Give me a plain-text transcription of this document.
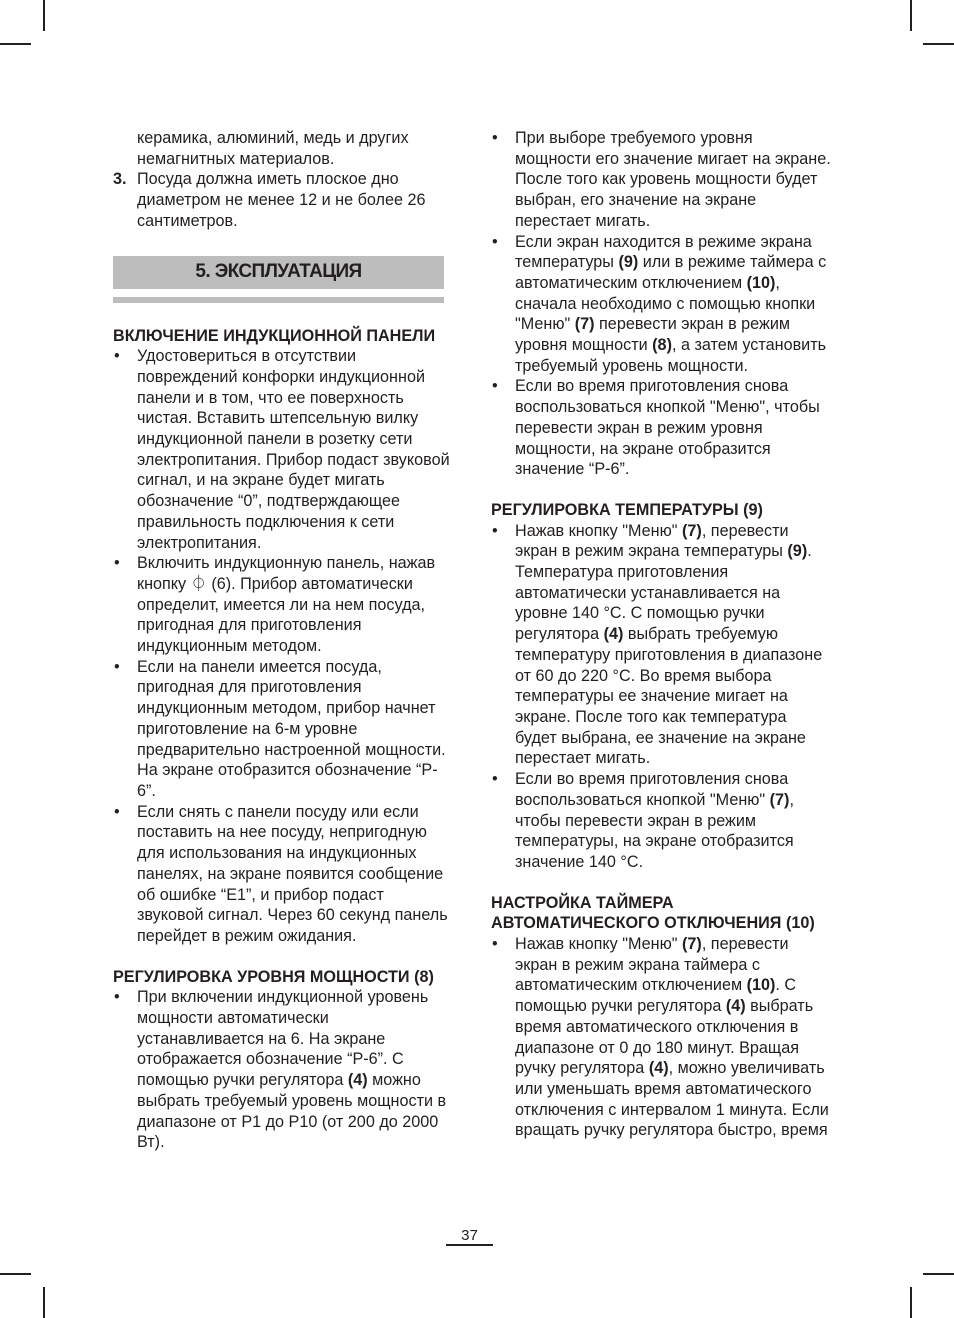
керамика, алюминий, медь и других немагнитных материалов.

3. Посуда должна иметь плоское дно диаметром не менее 12 и не более 26 сантиметров.
5. ЭКСПЛУАТАЦИЯ

ВКЛЮЧЕНИЕ ИНДУКЦИОННОЙ ПАНЕЛИ

• Удостовериться в отсутствии повреждений конфорки индукционной панели и в том, что ее поверхность чистая. Вставить штепсельную вилку индукционной панели в розетку сети электропитания. Прибор подаст звуковой сигнал, и на экране будет мигать обозначение “0”, подтверждающее правильность подключения к сети электропитания.
• Включить индукционную панель, нажав кнопку ⏀ (6). Прибор автоматически определит, имеется ли на нем посуда, пригодная для приготовления индукционным методом.
• Если на панели имеется посуда, пригодная для приготовления индукционным методом, прибор начнет приготовление на 6-м уровне предварительно настроенной мощности. На экране отобразится обозначение “P-6”.
• Если снять с панели посуду или если поставить на нее посуду, непригодную для использования на индукционных панелях, на экране появится сообщение об ошибке “E1”, и прибор подаст звуковой сигнал. Через 60 секунд панель перейдет в режим ожидания.

РЕГУЛИРОВКА УРОВНЯ МОЩНОСТИ (8)

• При включении индукционной уровень мощности автоматически устанавливается на 6. На экране отображается обозначение “P-6”. С помощью ручки регулятора (4) можно выбрать требуемый уровень мощности в диапазоне от P1 до P10 (от 200 до 2000 Вт).
• При выборе требуемого уровня мощности его значение мигает на экране. После того как уровень мощности будет выбран, его значение на экране перестает мигать.
• Если экран находится в режиме экрана температуры (9) или в режиме таймера с автоматическим отключением (10), сначала необходимо с помощью кнопки "Меню" (7) перевести экран в режим уровня мощности (8), а затем установить требуемый уровень мощности.
• Если во время приготовления снова воспользоваться кнопкой "Меню", чтобы перевести экран в режим уровня мощности, на экране отобразится значение “P-6”.

РЕГУЛИРОВКА ТЕМПЕРАТУРЫ (9)

• Нажав кнопку "Меню" (7), перевести экран в режим экрана температуры (9). Температура приготовления автоматически устанавливается на уровне 140 °C. С помощью ручки регулятора (4) выбрать требуемую температуру приготовления в диапазоне от 60 до 220 °C. Во время выбора температуры ее значение мигает на экране. После того как температура будет выбрана, ее значение на экране перестает мигать.
• Если во время приготовления снова воспользоваться кнопкой "Меню" (7), чтобы перевести экран в режим температуры, на экране отобразится значение 140 °C.

НАСТРОЙКА ТАЙМЕРА

АВТОМАТИЧЕСКОГО ОТКЛЮЧЕНИЯ (10)

• Нажав кнопку "Меню" (7), перевести экран в режим экрана таймера с автоматическим отключением (10). С помощью ручки регулятора (4) выбрать время автоматического отключения в диапазоне от 0 до 180 минут. Вращая ручку регулятора (4), можно увеличивать или уменьшать время автоматического отключения с интервалом 1 минута. Если вращать ручку регулятора быстро, время
37
